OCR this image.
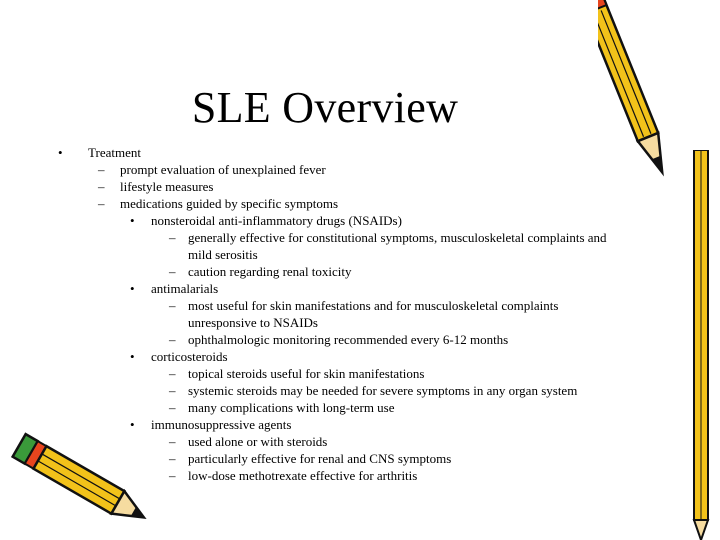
SLE Overview
• Treatment
– prompt evaluation of unexplained fever
– lifestyle measures
– medications guided by specific symptoms
• nonsteroidal anti-inflammatory drugs (NSAIDs)
– generally effective for constitutional symptoms, musculoskeletal complaints and
mild serositis
– caution regarding renal toxicity
• antimalarials
– most useful for skin manifestations and for musculoskeletal complaints
unresponsive to NSAIDs
– ophthalmologic monitoring recommended every 6-12 months
• corticosteroids
– topical steroids useful for skin manifestations
– systemic steroids may be needed for severe symptoms in any organ system
– many complications with long-term use
• immunosuppressive agents
– used alone or with steroids
– particularly effective for renal and CNS symptoms
– low-dose methotrexate effective for arthritis
